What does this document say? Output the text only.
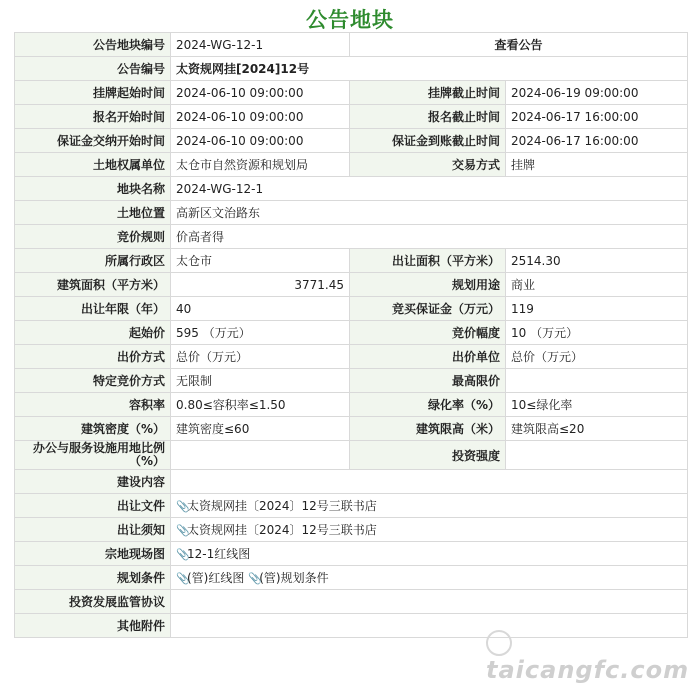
公告地块
公告地块编号	2024-WG-12-1	查看公告	
公告编号	太资规网挂[2024]12号		
挂牌起始时间	2024-06-10 09:00:00	挂牌截止时间	2024-06-19 09:00:00
报名开始时间	2024-06-10 09:00:00	报名截止时间	2024-06-17 16:00:00
保证金交纳开始时间	2024-06-10 09:00:00	保证金到账截止时间	2024-06-17 16:00:00
土地权属单位	太仓市自然资源和规划局	交易方式	挂牌
地块名称	2024-WG-12-1		
土地位置	高新区文治路东		
竞价规则	价高者得		
所属行政区	太仓市	出让面积（平方米）	2514.30
建筑面积（平方米）	3771.45	规划用途	商业
出让年限（年）	40	竞买保证金（万元）	119
起始价	595 （万元）	竞价幅度	10 （万元）
出价方式	总价（万元）	出价单位	总价（万元）
特定竞价方式	无限制	最高限价	
容积率	0.80≤容积率≤1.50	绿化率（%）	10≤绿化率
建筑密度（%）	建筑密度≤60	建筑限高（米）	建筑限高≤20
办公与服务设施用地比例（%）		投资强度	
建设内容			
出让文件	📎太资规网挂〔2024〕12号三联书店		
出让须知	📎太资规网挂〔2024〕12号三联书店		
宗地现场图	📎12-1红线图		
规划条件	📎(管)红线图 📎(管)规划条件		
投资发展监管协议			
其他附件			
taicangfc.com
